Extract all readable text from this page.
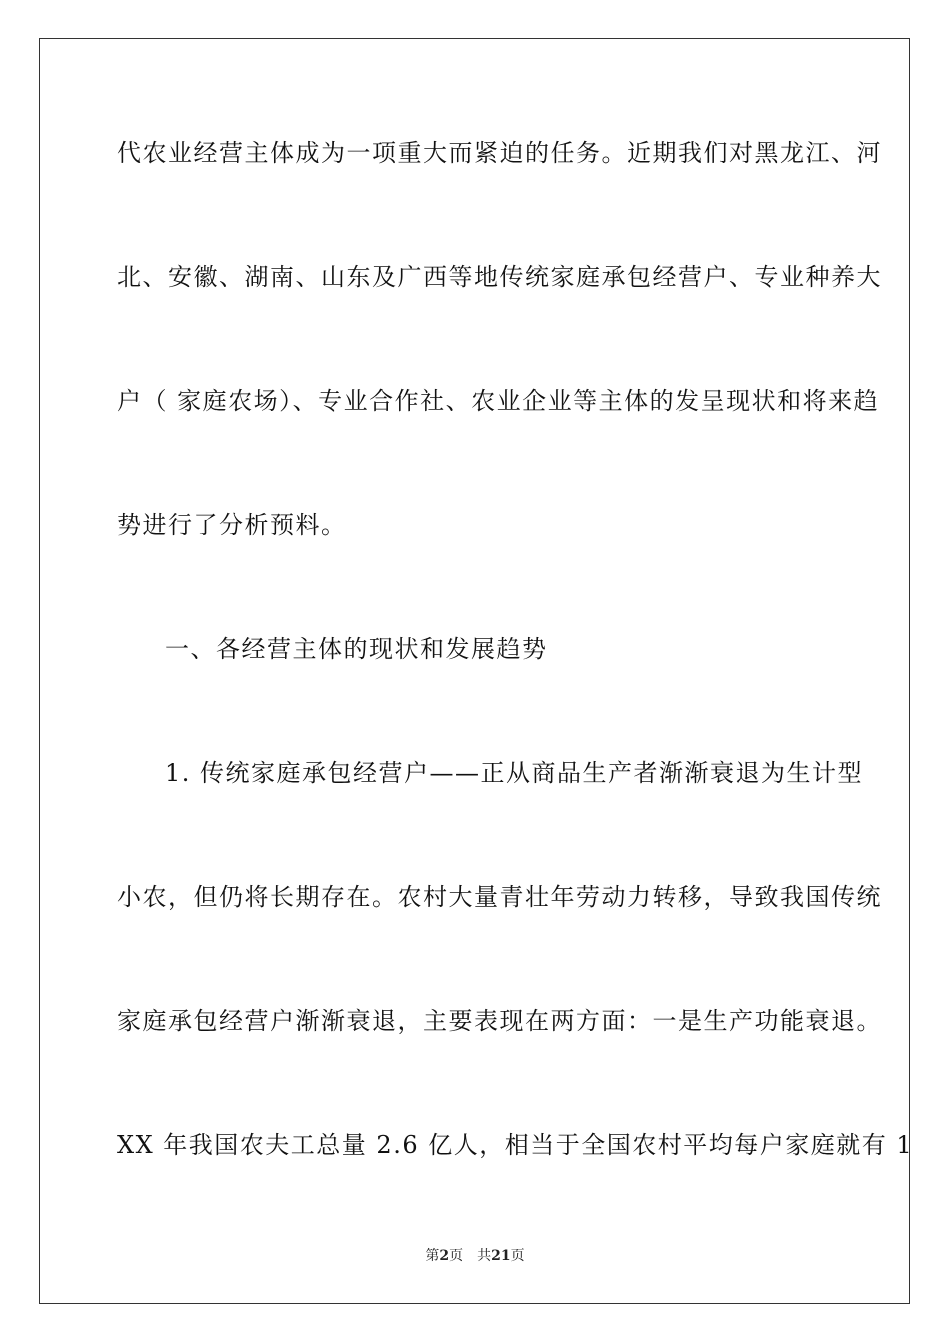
代农业经营主体成为一项重大而紧迫的任务。近期我们对黑龙江、河
北、安徽、湖南、山东及广西等地传统家庭承包经营户、专业种养大
户（ 家庭农场）、专业合作社、农业企业等主体的发呈现状和将来趋
势进行了分析预料。
一、各经营主体的现状和发展趋势
1. 传统家庭承包经营户——正从商品生产者渐渐衰退为生计型
小农，但仍将长期存在。农村大量青壮年劳动力转移，导致我国传统
家庭承包经营户渐渐衰退，主要表现在两方面：一是生产功能衰退。
XX 年我国农夫工总量 2.6 亿人，相当于全国农村平均每户家庭就有 1
第2页 共21页
